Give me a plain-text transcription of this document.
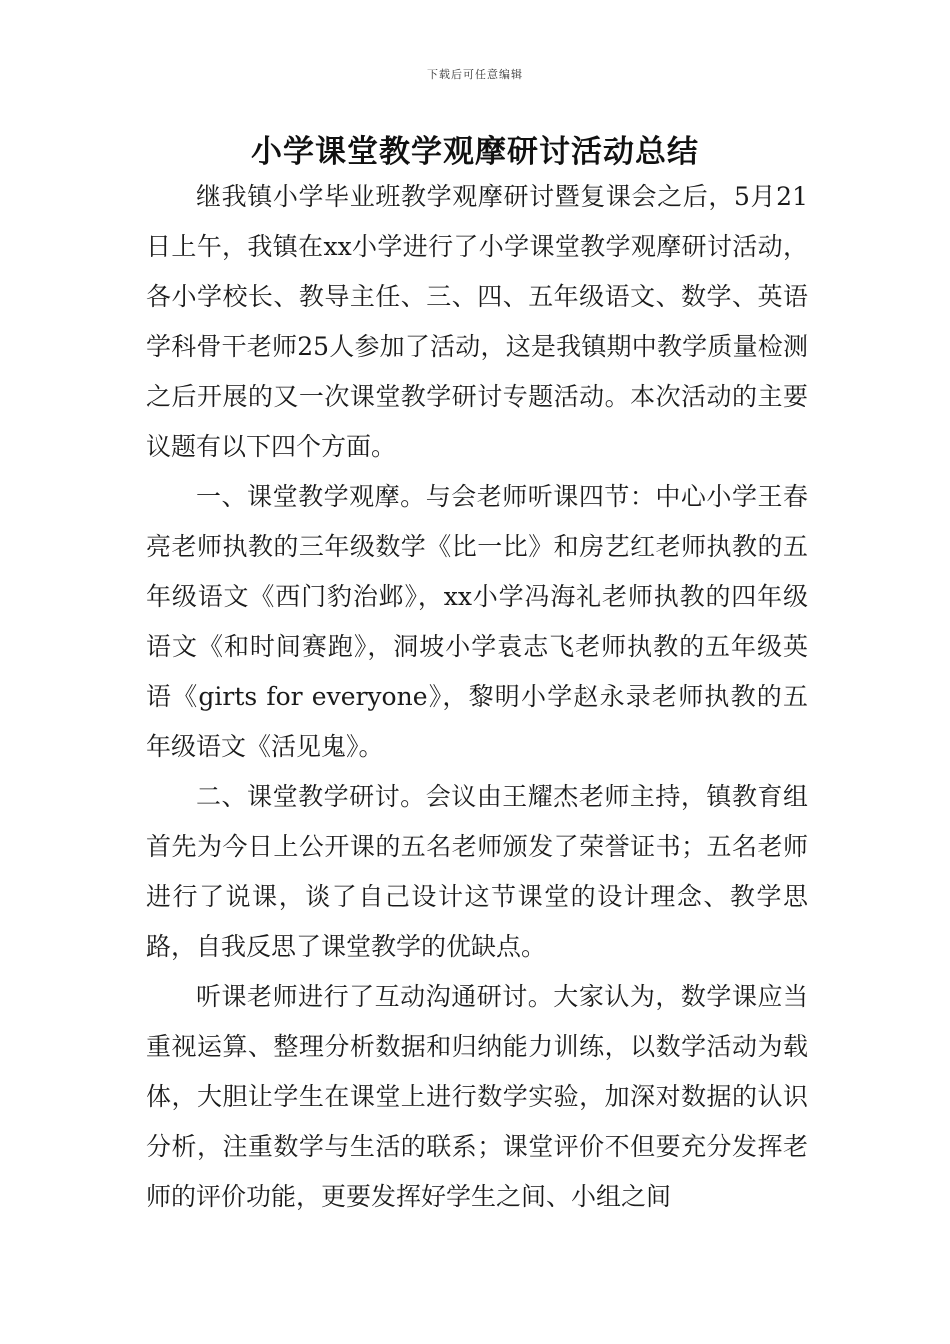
下载后可任意编辑
小学课堂教学观摩研讨活动总结

继我镇小学毕业班教学观摩研讨暨复课会之后，5月21日上午，我镇在xx小学进行了小学课堂教学观摩研讨活动，各小学校长、教导主任、三、四、五年级语文、数学、英语学科骨干老师25人参加了活动，这是我镇期中教学质量检测之后开展的又一次课堂教学研讨专题活动。本次活动的主要议题有以下四个方面。

一、课堂教学观摩。与会老师听课四节：中心小学王春亮老师执教的三年级数学《比一比》和房艺红老师执教的五年级语文《西门豹治邺》，xx小学冯海礼老师执教的四年级语文《和时间赛跑》，洞坡小学袁志飞老师执教的五年级英语《girts for everyone》，黎明小学赵永录老师执教的五年级语文《活见鬼》。

二、课堂教学研讨。会议由王耀杰老师主持，镇教育组首先为今日上公开课的五名老师颁发了荣誉证书；五名老师进行了说课，谈了自己设计这节课堂的设计理念、教学思路，自我反思了课堂教学的优缺点。

听课老师进行了互动沟通研讨。大家认为，数学课应当重视运算、整理分析数据和归纳能力训练，以数学活动为载体，大胆让学生在课堂上进行数学实验，加深对数据的认识分析，注重数学与生活的联系；课堂评价不但要充分发挥老师的评价功能，更要发挥好学生之间、小组之间
